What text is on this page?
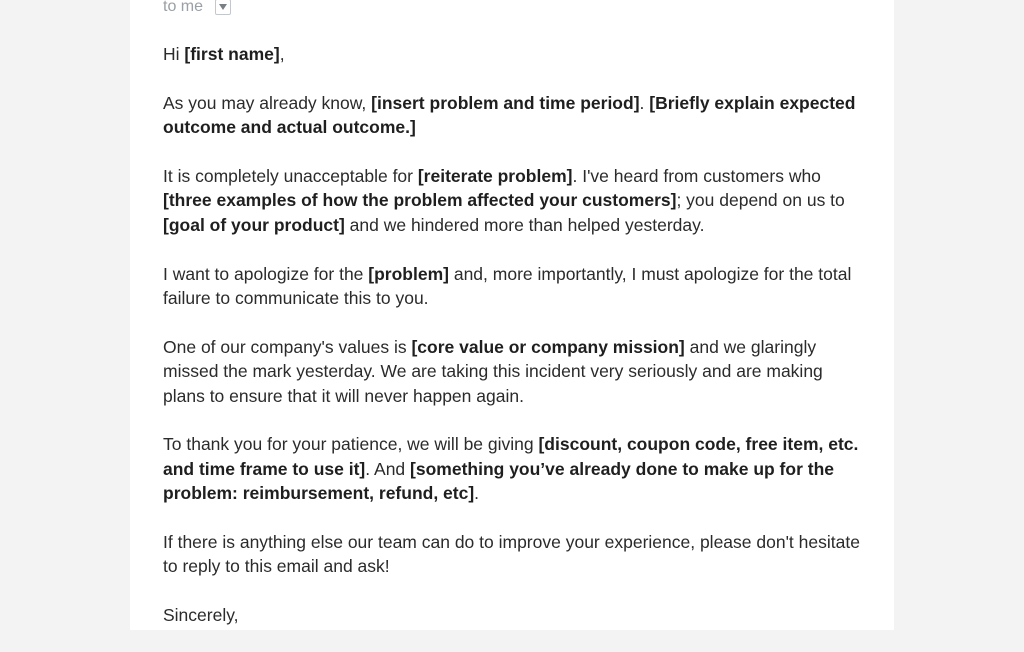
to me

Hi [first name],

As you may already know, [insert problem and time period]. [Briefly explain expected outcome and actual outcome.]

It is completely unacceptable for [reiterate problem]. I've heard from customers who [three examples of how the problem affected your customers]; you depend on us to [goal of your product] and we hindered more than helped yesterday.

I want to apologize for the [problem] and, more importantly, I must apologize for the total failure to communicate this to you.

One of our company's values is [core value or company mission] and we glaringly missed the mark yesterday. We are taking this incident very seriously and are making plans to ensure that it will never happen again.

To thank you for your patience, we will be giving [discount, coupon code, free item, etc. and time frame to use it]. And [something you’ve already done to make up for the problem: reimbursement, refund, etc].

If there is anything else our team can do to improve your experience, please don't hesitate to reply to this email and ask!

Sincerely,
